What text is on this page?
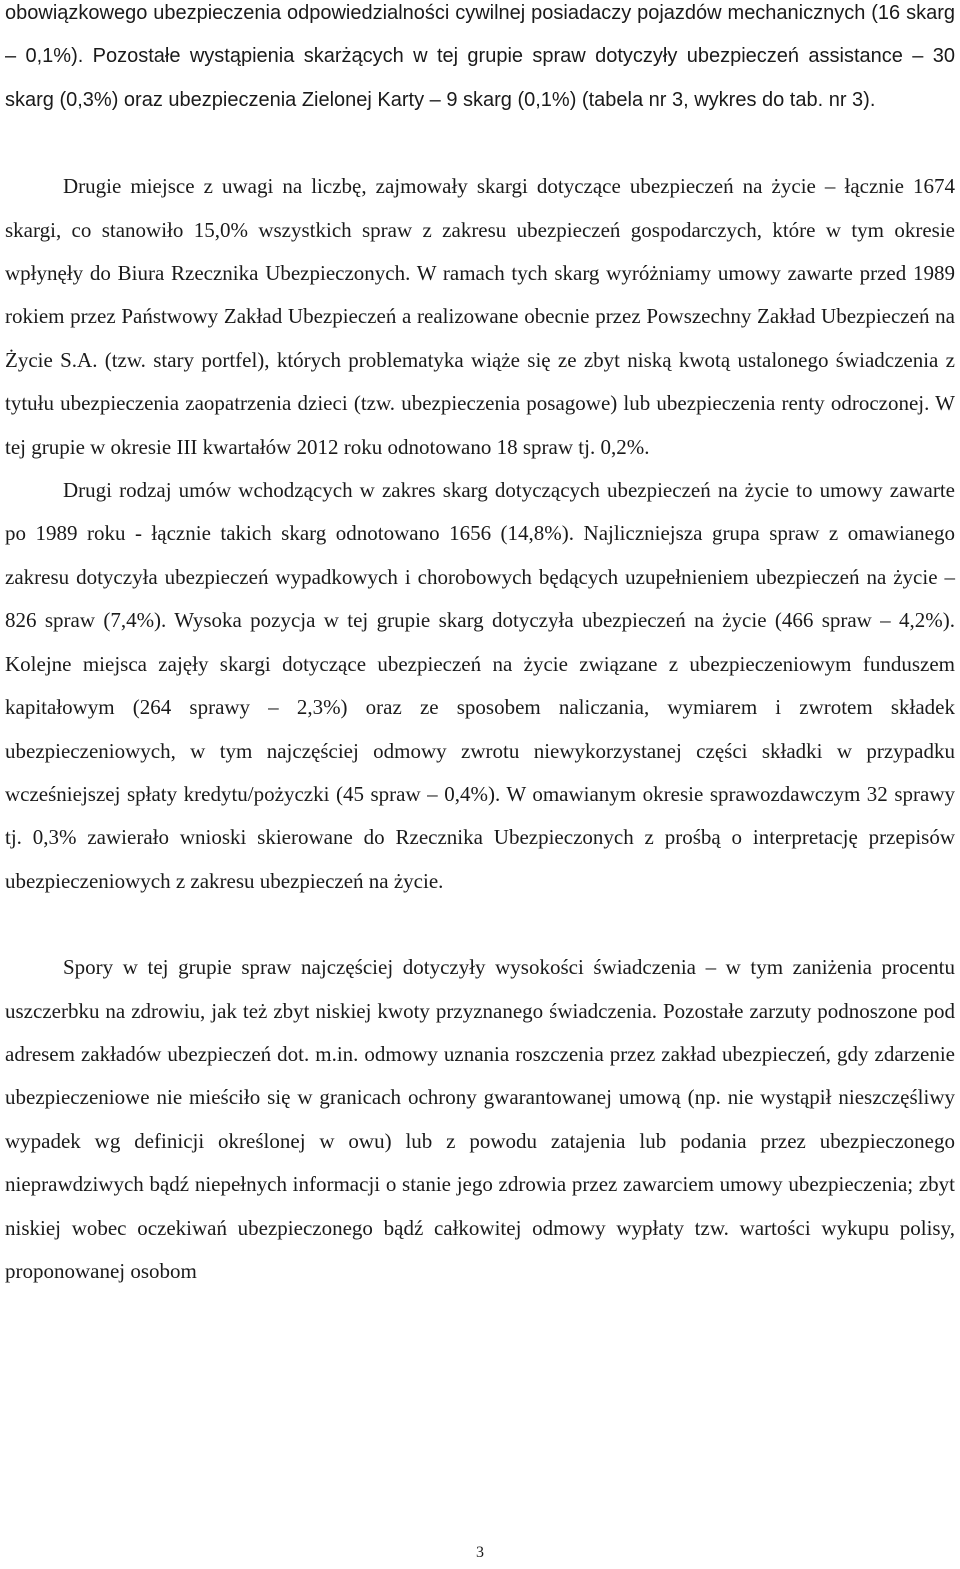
obowiązkowego ubezpieczenia odpowiedzialności cywilnej posiadaczy pojazdów mechanicznych (16 skarg – 0,1%). Pozostałe wystąpienia skarżących w tej grupie spraw dotyczyły ubezpieczeń assistance – 30 skarg (0,3%) oraz ubezpieczenia Zielonej Karty – 9 skarg (0,1%) (tabela nr 3, wykres do tab. nr 3).

Drugie miejsce z uwagi na liczbę, zajmowały skargi dotyczące ubezpieczeń na życie – łącznie 1674 skargi, co stanowiło 15,0% wszystkich spraw z zakresu ubezpieczeń gospodarczych, które w tym okresie wpłynęły do Biura Rzecznika Ubezpieczonych. W ramach tych skarg wyróżniamy umowy zawarte przed 1989 rokiem przez Państwowy Zakład Ubezpieczeń a realizowane obecnie przez Powszechny Zakład Ubezpieczeń na Życie S.A. (tzw. stary portfel), których problematyka wiąże się ze zbyt niską kwotą ustalonego świadczenia z tytułu ubezpieczenia zaopatrzenia dzieci (tzw. ubezpieczenia posagowe) lub ubezpieczenia renty odroczonej. W tej grupie w okresie III kwartałów 2012 roku odnotowano 18 spraw tj. 0,2%.

Drugi rodzaj umów wchodzących w zakres skarg dotyczących ubezpieczeń na życie to umowy zawarte po 1989 roku - łącznie takich skarg odnotowano 1656 (14,8%). Najliczniejsza grupa spraw z omawianego zakresu dotyczyła ubezpieczeń wypadkowych i chorobowych będących uzupełnieniem ubezpieczeń na życie – 826 spraw (7,4%). Wysoka pozycja w tej grupie skarg dotyczyła ubezpieczeń na życie (466 spraw – 4,2%). Kolejne miejsca zajęły skargi dotyczące ubezpieczeń na życie związane z ubezpieczeniowym funduszem kapitałowym (264 sprawy – 2,3%) oraz ze sposobem naliczania, wymiarem i zwrotem składek ubezpieczeniowych, w tym najczęściej odmowy zwrotu niewykorzystanej części składki w przypadku wcześniejszej spłaty kredytu/pożyczki (45 spraw – 0,4%). W omawianym okresie sprawozdawczym 32 sprawy tj. 0,3% zawierało wnioski skierowane do Rzecznika Ubezpieczonych z prośbą o interpretację przepisów ubezpieczeniowych z zakresu ubezpieczeń na życie.

Spory w tej grupie spraw najczęściej dotyczyły wysokości świadczenia – w tym zaniżenia procentu uszczerbku na zdrowiu, jak też zbyt niskiej kwoty przyznanego świadczenia. Pozostałe zarzuty podnoszone pod adresem zakładów ubezpieczeń dot. m.in. odmowy uznania roszczenia przez zakład ubezpieczeń, gdy zdarzenie ubezpieczeniowe nie mieściło się w granicach ochrony gwarantowanej umową (np. nie wystąpił nieszczęśliwy wypadek wg definicji określonej w owu) lub z powodu zatajenia lub podania przez ubezpieczonego nieprawdziwych bądź niepełnych informacji o stanie jego zdrowia przez zawarciem umowy ubezpieczenia; zbyt niskiej wobec oczekiwań ubezpieczonego bądź całkowitej odmowy wypłaty tzw. wartości wykupu polisy, proponowanej osobom

3
